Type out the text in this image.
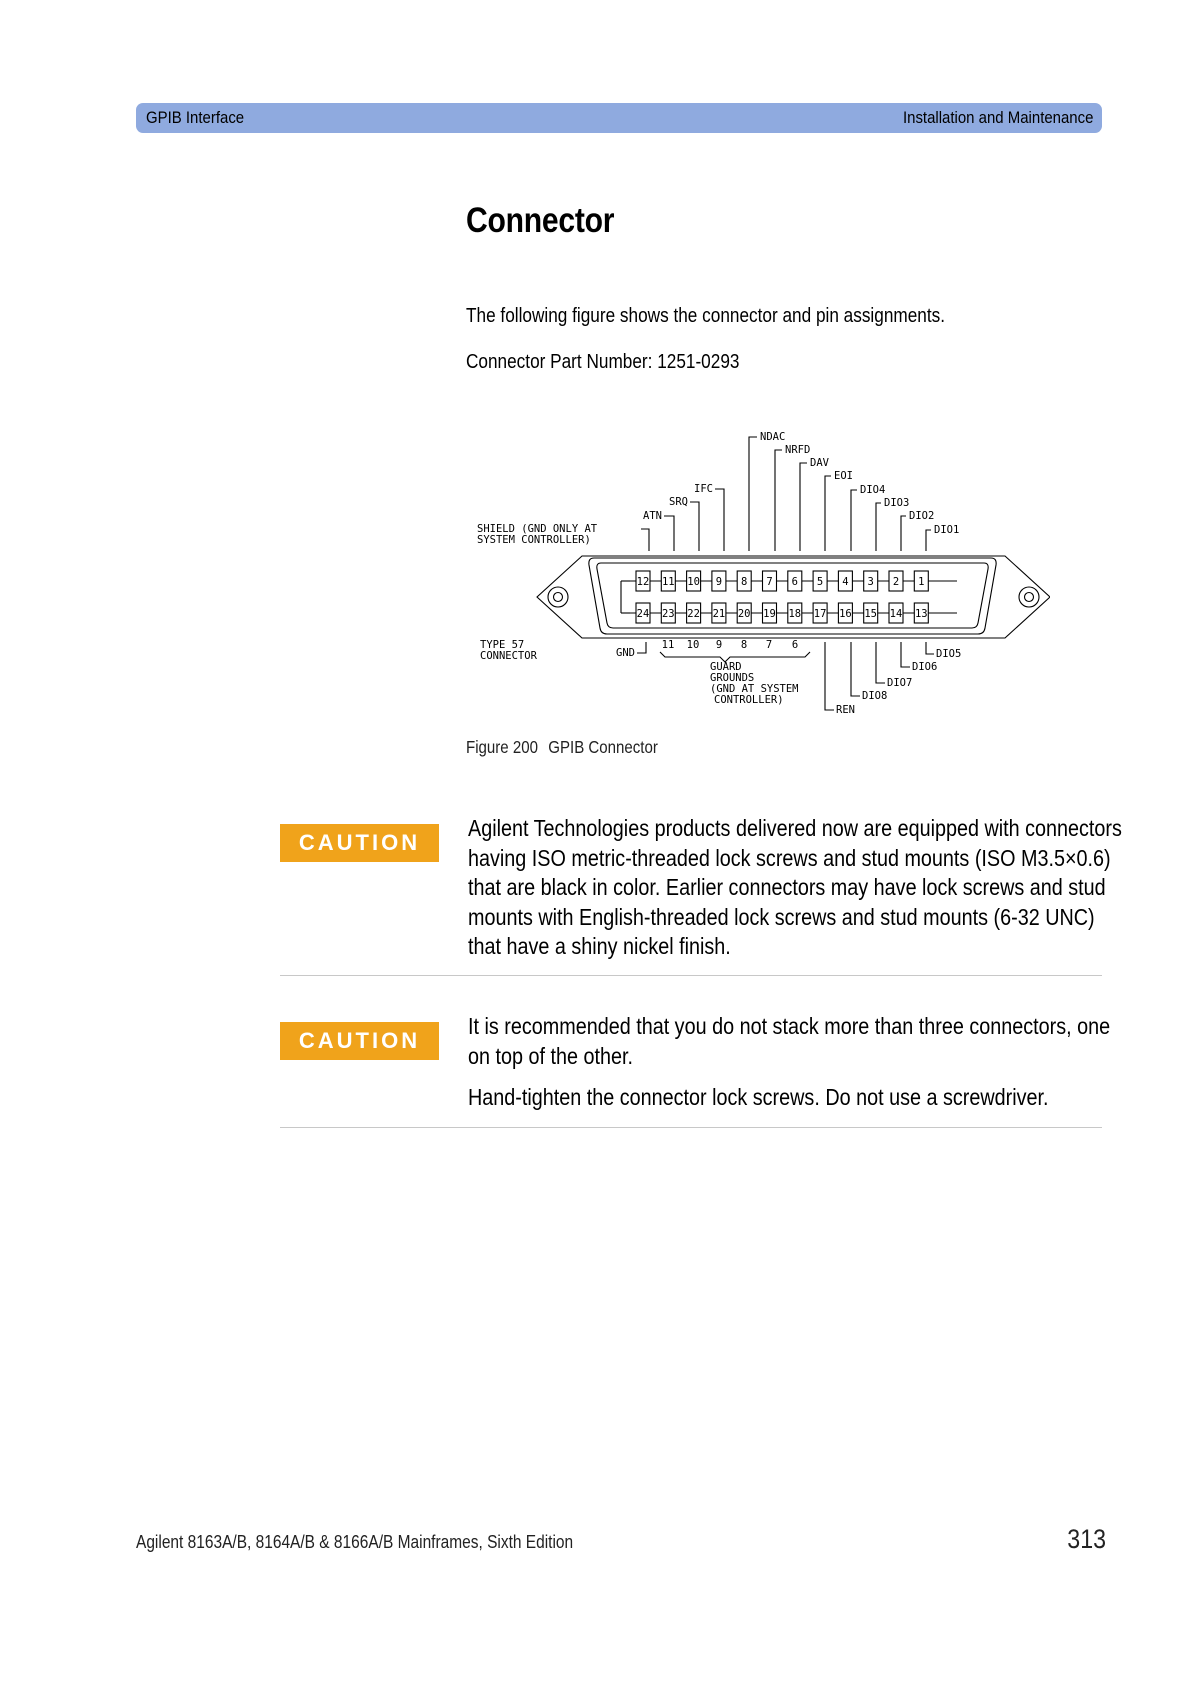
GPIB Interface	Installation and Maintenance
Connector

The following figure shows the connector and pin assignments.

Connector Part Number: 1251-0293

12 11 10 9 8 7 6 5 4 3 2 1
24 23 22 21 20 19 18 17 16 15 14 13
NDAC
NRFD
DAV
EOI
DIO4
DIO3
DIO2
DIO1
IFC
SRQ
ATN
GND
SHIELD (GND ONLY AT
SYSTEM CONTROLLER)
TYPE 57
CONNECTOR
11 10 9 8 7 6
GUARD
GROUNDS
(GND AT SYSTEM
CONTROLLER)
DIO5
DIO6
DIO7
DIO8
REN

Figure 200 GPIB Connector

CAUTION

Agilent Technologies products delivered now are equipped with connectors having ISO metric-threaded lock screws and stud mounts (ISO M3.5×0.6) that are black in color. Earlier connectors may have lock screws and stud mounts with English-threaded lock screws and stud mounts (6-32 UNC) that have a shiny nickel finish.

CAUTION

It is recommended that you do not stack more than three connectors, one on top of the other.

Hand-tighten the connector lock screws. Do not use a screwdriver.

Agilent 8163A/B, 8164A/B & 8166A/B Mainframes, Sixth Edition	313
